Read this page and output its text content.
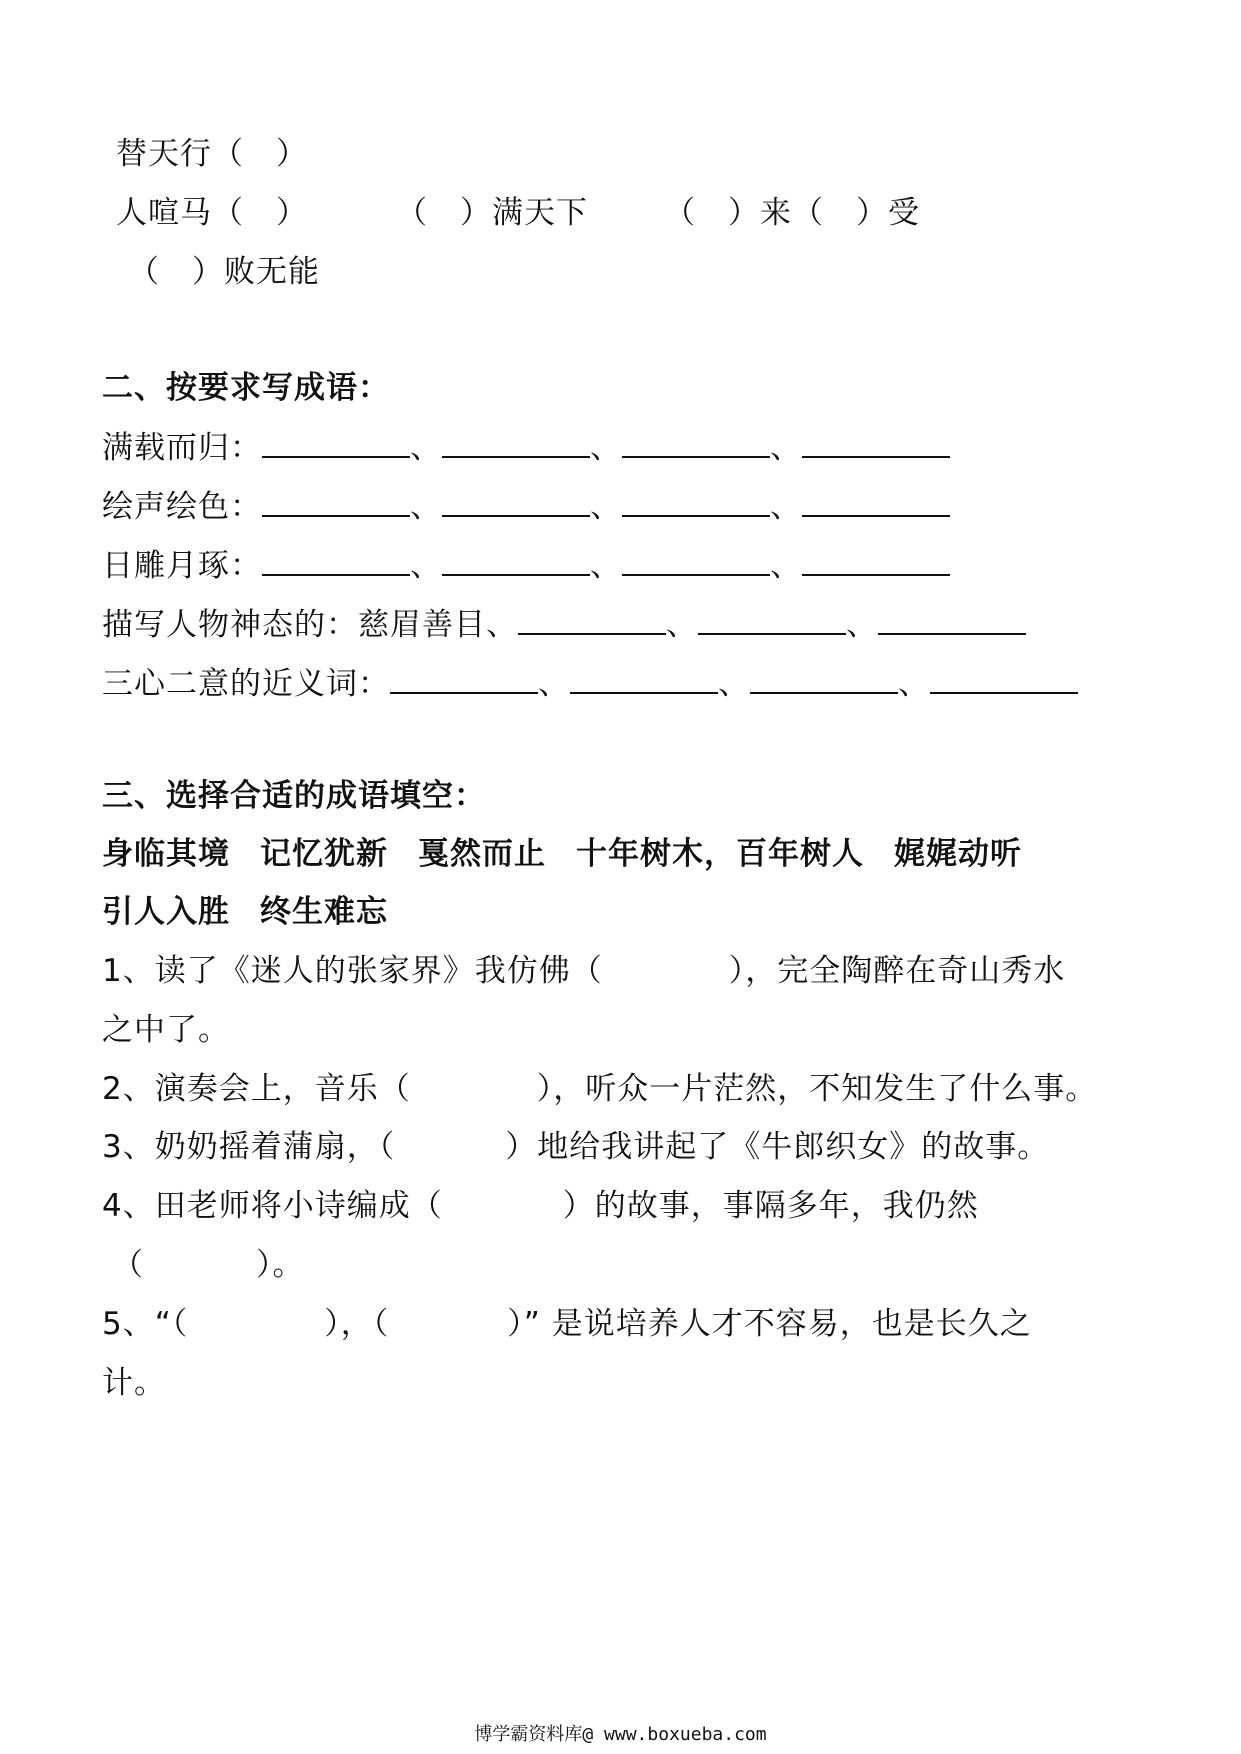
替天行（　）
人喧马（　）	（　）满天下 （　）来（　）受
（　）败无能
二、按要求写成语：
满载而归：	、	、	、
绘声绘色：	、	、	、
日雕月琢：	、	、	、
描写人物神态的：慈眉善目、	、	、
三心二意的近义词：	、	、	、
三、选择合适的成语填空：
身临其境 记忆犹新 戛然而止 十年树木，百年树人 娓娓动听
引人入胜 终生难忘
1、读了《迷人的张家界》我仿佛（	），完全陶醉在奇山秀水
之中了。
2、演奏会上，音乐（	），听众一片茫然，不知发生了什么事。
3、奶奶摇着蒲扇，（	）地给我讲起了《牛郎织女》的故事。
4、田老师将小诗编成（	）的故事，事隔多年，我仍然
（	）。
5、“（	），（	）” 是说培养人才不容易，也是长久之
计。
博学霸资料库@ www.boxueba.com
